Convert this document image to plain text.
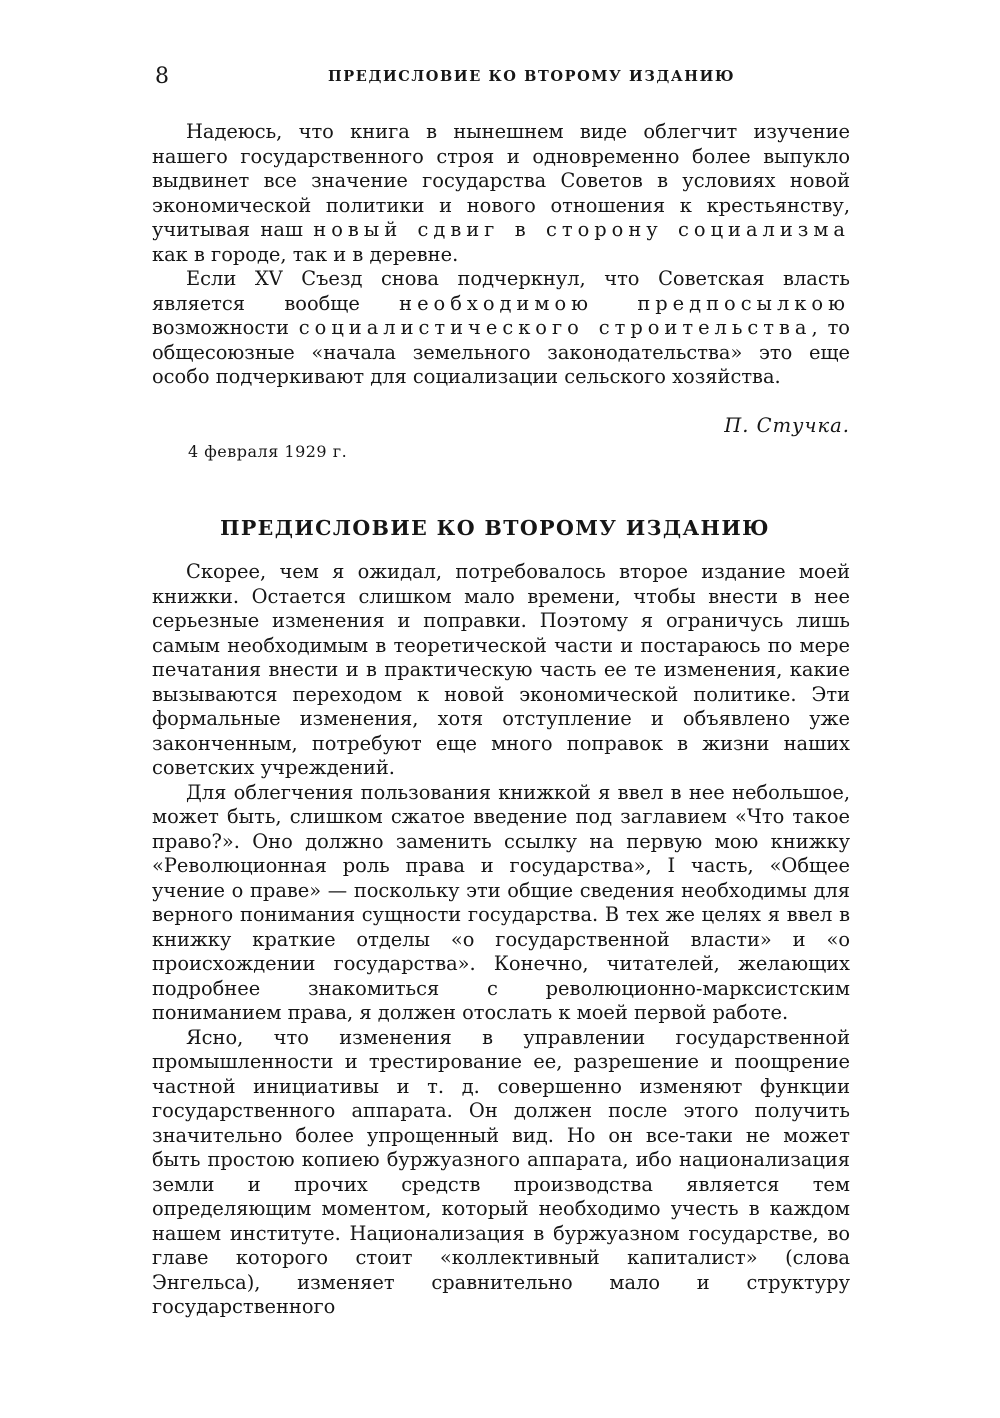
8	ПРЕДИСЛОВИЕ КО ВТОРОМУ ИЗДАНИЮ

Надеюсь, что книга в нынешнем виде облегчит изучение нашего государственного строя и одновременно более выпукло выдвинет все значение государства Советов в условиях новой экономической политики и нового отношения к крестьянству, учитывая наш новый сдвиг в сторону социализма как в городе, так и в деревне.

Если XV Съезд снова подчеркнул, что Советская власть является вообще необходимою предпосылкою возможности социалистического строительства, то общесоюзные «начала земельного законодательства» это еще особо подчеркивают для социализации сельского хозяйства.

П. Стучка.
4 февраля 1929 г.
ПРЕДИСЛОВИЕ КО ВТОРОМУ ИЗДАНИЮ

Скорее, чем я ожидал, потребовалось второе издание моей книжки. Остается слишком мало времени, чтобы внести в нее серьезные изменения и поправки. Поэтому я ограничусь лишь самым необходимым в теоретической части и постараюсь по мере печатания внести и в практическую часть ее те изменения, какие вызываются переходом к новой экономической политике. Эти формальные изменения, хотя отступление и объявлено уже законченным, потребуют еще много поправок в жизни наших советских учреждений.

Для облегчения пользования книжкой я ввел в нее небольшое, может быть, слишком сжатое введение под заглавием «Что такое право?». Оно должно заменить ссылку на первую мою книжку «Революционная роль права и государства», I часть, «Общее учение о праве» — поскольку эти общие сведения необходимы для верного понимания сущности государства. В тех же целях я ввел в книжку краткие отделы «о государственной власти» и «о происхождении государства». Конечно, читателей, желающих подробнее знакомиться с революционно-марксистским пониманием права, я должен отослать к моей первой работе.

Ясно, что изменения в управлении государственной промышленности и трестирование ее, разрешение и поощрение частной инициативы и т. д. совершенно изменяют функции государственного аппарата. Он должен после этого получить значительно более упрощенный вид. Но он все-таки не может быть простою копиею буржуазного аппарата, ибо национализация земли и прочих средств производства является тем определяющим моментом, который необходимо учесть в каждом нашем институте. Национализация в буржуазном государстве, во главе которого стоит «коллективный капиталист» (слова Энгельса), изменяет сравнительно мало и структуру государственного
